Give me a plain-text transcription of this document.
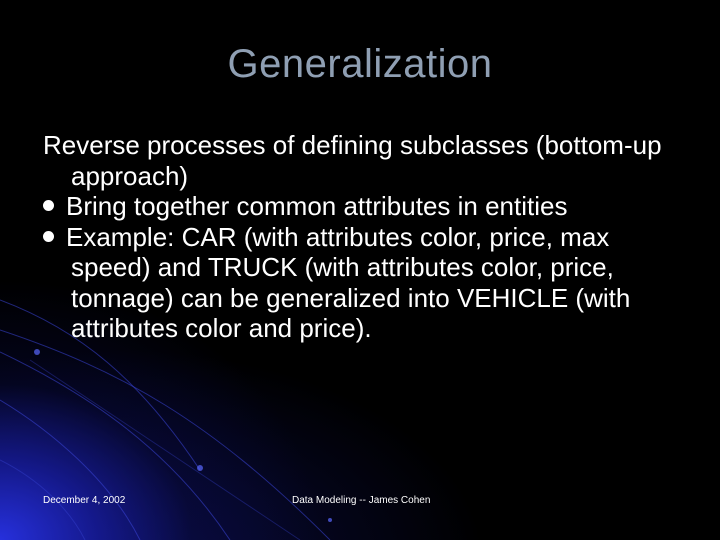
Generalization

Reverse processes of defining subclasses (bottom-up approach)

Bring together common attributes in entities

Example: CAR (with attributes color, price, max speed) and TRUCK (with attributes color, price, tonnage) can be generalized into VEHICLE (with attributes color and price).

December 4, 2002	Data Modeling -- James Cohen
